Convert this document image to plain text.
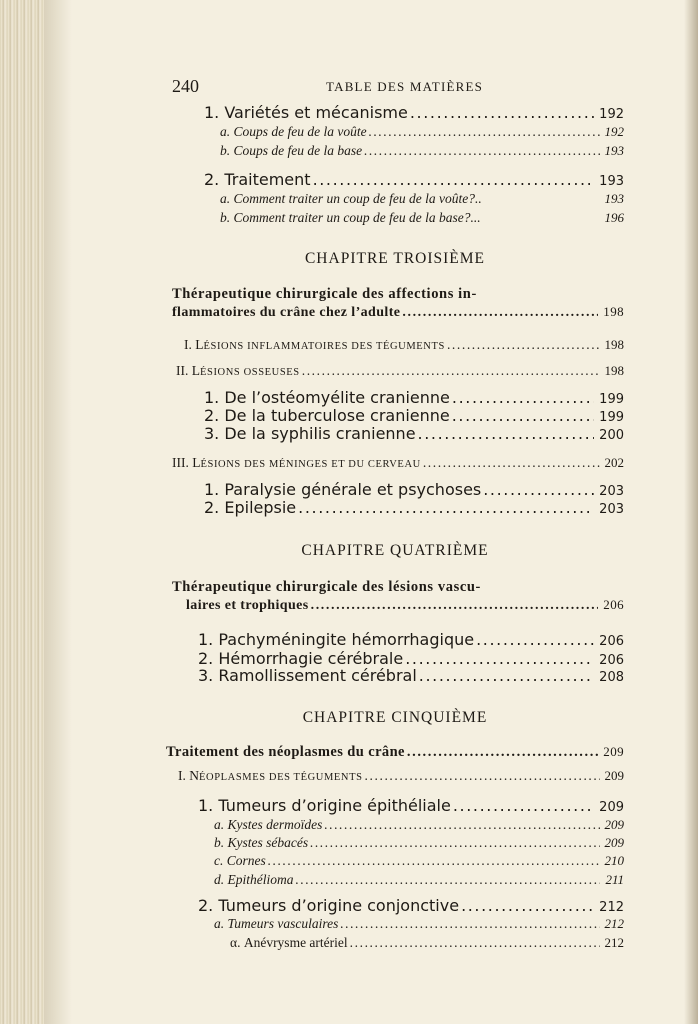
240	TABLE DES MATIÈRES
1. Variétés et mécanisme .....	192
a. Coups de feu de la voûte .....	192
b. Coups de feu de la base .....	193
2. Traitement .....	193
a. Comment traiter un coup de feu de la voûte?..	193
b. Comment traiter un coup de feu de la base?...	196
CHAPITRE TROISIÈME
Thérapeutique chirurgicale des affections in-
flammatoires du crâne chez l’adulte .....	198
I. LÉSIONS INFLAMMATOIRES DES TÉGUMENTS .....	198
II. LÉSIONS OSSEUSES .....	198
1. De l’ostéomyélite cranienne .....	199
2. De la tuberculose cranienne .....	199
3. De la syphilis cranienne .....	200
III. LÉSIONS DES MÉNINGES ET DU CERVEAU .....	202
1. Paralysie générale et psychoses .....	203
2. Epilepsie .....	203
CHAPITRE QUATRIÈME
Thérapeutique chirurgicale des lésions vascu-
laires et trophiques .....	206
1. Pachyméningite hémorrhagique .....	206
2. Hémorrhagie cérébrale .....	206
3. Ramollissement cérébral .....	208
CHAPITRE CINQUIÈME
Traitement des néoplasmes du crâne .....	209
I. NÉOPLASMES DES TÉGUMENTS .....	209
1. Tumeurs d’origine épithéliale .....	209
a. Kystes dermoïdes .....	209
b. Kystes sébacés .....	209
c. Cornes .....	210
d. Epithélioma .....	211
2. Tumeurs d’origine conjonctive .....	212
a. Tumeurs vasculaires .....	212
α. Anévrysme artériel .....	212
